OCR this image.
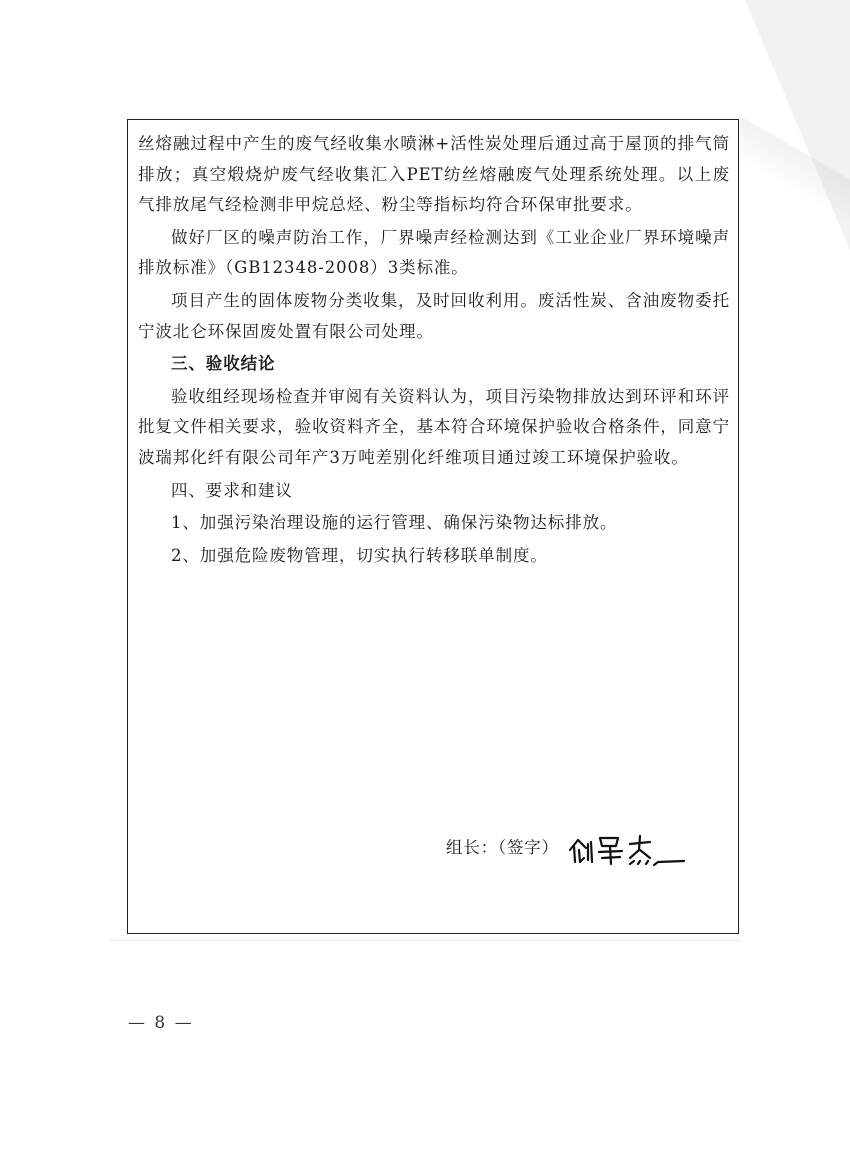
丝熔融过程中产生的废气经收集水喷淋+活性炭处理后通过高于屋顶的排气筒排放；真空煅烧炉废气经收集汇入PET纺丝熔融废气处理系统处理。以上废气排放尾气经检测非甲烷总烃、粉尘等指标均符合环保审批要求。

做好厂区的噪声防治工作，厂界噪声经检测达到《工业企业厂界环境噪声排放标准》（GB12348-2008）3类标准。

项目产生的固体废物分类收集，及时回收利用。废活性炭、含油废物委托宁波北仑环保固废处置有限公司处理。

三、验收结论

验收组经现场检查并审阅有关资料认为，项目污染物排放达到环评和环评批复文件相关要求，验收资料齐全，基本符合环境保护验收合格条件，同意宁波瑞邦化纤有限公司年产3万吨差别化纤维项目通过竣工环境保护验收。

四、要求和建议

1、加强污染治理设施的运行管理、确保污染物达标排放。

2、加强危险废物管理，切实执行转移联单制度。

组长：（签字）
— 8 —
